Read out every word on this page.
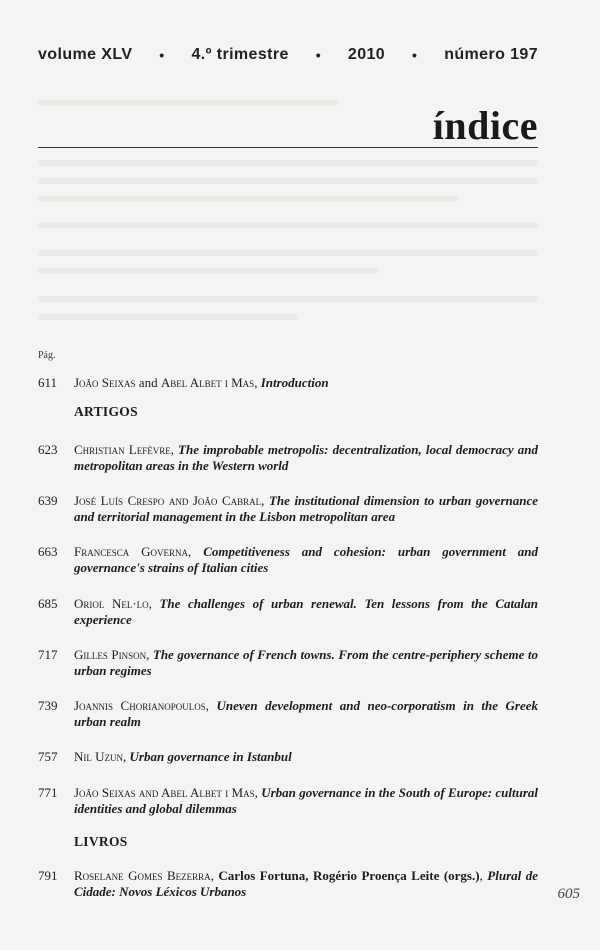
volume XLV • 4.º trimestre • 2010 • número 197
índice
Pág.
611	João Seixas and Abel Albet i Mas, Introduction
ARTIGOS
623	Christian Lefèvre, The improbable metropolis: decentralization, local democracy and metropolitan areas in the Western world
639	José Luís Crespo and João Cabral, The institutional dimension to urban governance and territorial management in the Lisbon metropolitan area
663	Francesca Governa, Competitiveness and cohesion: urban government and governance's strains of Italian cities
685	Oriol Nel·lo, The challenges of urban renewal. Ten lessons from the Catalan experience
717	Gilles Pinson, The governance of French towns. From the centre-periphery scheme to urban regimes
739	Joannis Chorianopoulos, Uneven development and neo-corporatism in the Greek urban realm
757	Nil Uzun, Urban governance in Istanbul
771	João Seixas and Abel Albet i Mas, Urban governance in the South of Europe: cultural identities and global dilemmas
LIVROS
791	Roselane Gomes Bezerra, Carlos Fortuna, Rogério Proença Leite (orgs.), Plural de Cidade: Novos Léxicos Urbanos	605
